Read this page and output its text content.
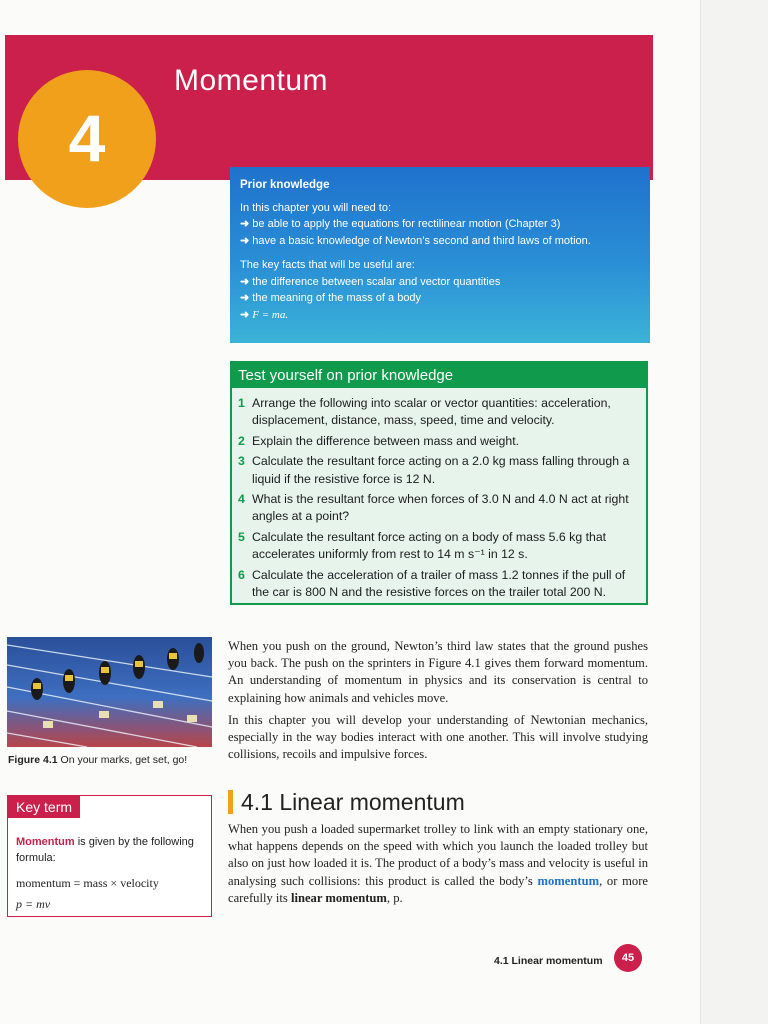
4
Momentum
Prior knowledge
In this chapter you will need to:
➜ be able to apply the equations for rectilinear motion (Chapter 3)
➜ have a basic knowledge of Newton’s second and third laws of motion.
The key facts that will be useful are:
➜ the difference between scalar and vector quantities
➜ the meaning of the mass of a body
➜ F = ma.
Test yourself on prior knowledge
1 Arrange the following into scalar or vector quantities: acceleration, displacement, distance, mass, speed, time and velocity.
2 Explain the difference between mass and weight.
3 Calculate the resultant force acting on a 2.0 kg mass falling through a liquid if the resistive force is 12 N.
4 What is the resultant force when forces of 3.0 N and 4.0 N act at right angles at a point?
5 Calculate the resultant force acting on a body of mass 5.6 kg that accelerates uniformly from rest to 14 m s⁻¹ in 12 s.
6 Calculate the acceleration of a trailer of mass 1.2 tonnes if the pull of the car is 800 N and the resistive forces on the trailer total 200 N.
Figure 4.1 On your marks, get set, go!
Key term
Momentum is given by the following formula:
momentum = mass × velocity
p = mv
When you push on the ground, Newton’s third law states that the ground pushes you back. The push on the sprinters in Figure 4.1 gives them forward momentum. An understanding of momentum in physics and its conservation is central to explaining how animals and vehicles move.
In this chapter you will develop your understanding of Newtonian mechanics, especially in the way bodies interact with one another. This will involve studying collisions, recoils and impulsive forces.
4.1 Linear momentum
When you push a loaded supermarket trolley to link with an empty stationary one, what happens depends on the speed with which you launch the loaded trolley but also on just how loaded it is. The product of a body’s mass and velocity is useful in analysing such collisions: this product is called the body’s momentum, or more carefully its linear momentum, p.
4.1 Linear momentum	45
